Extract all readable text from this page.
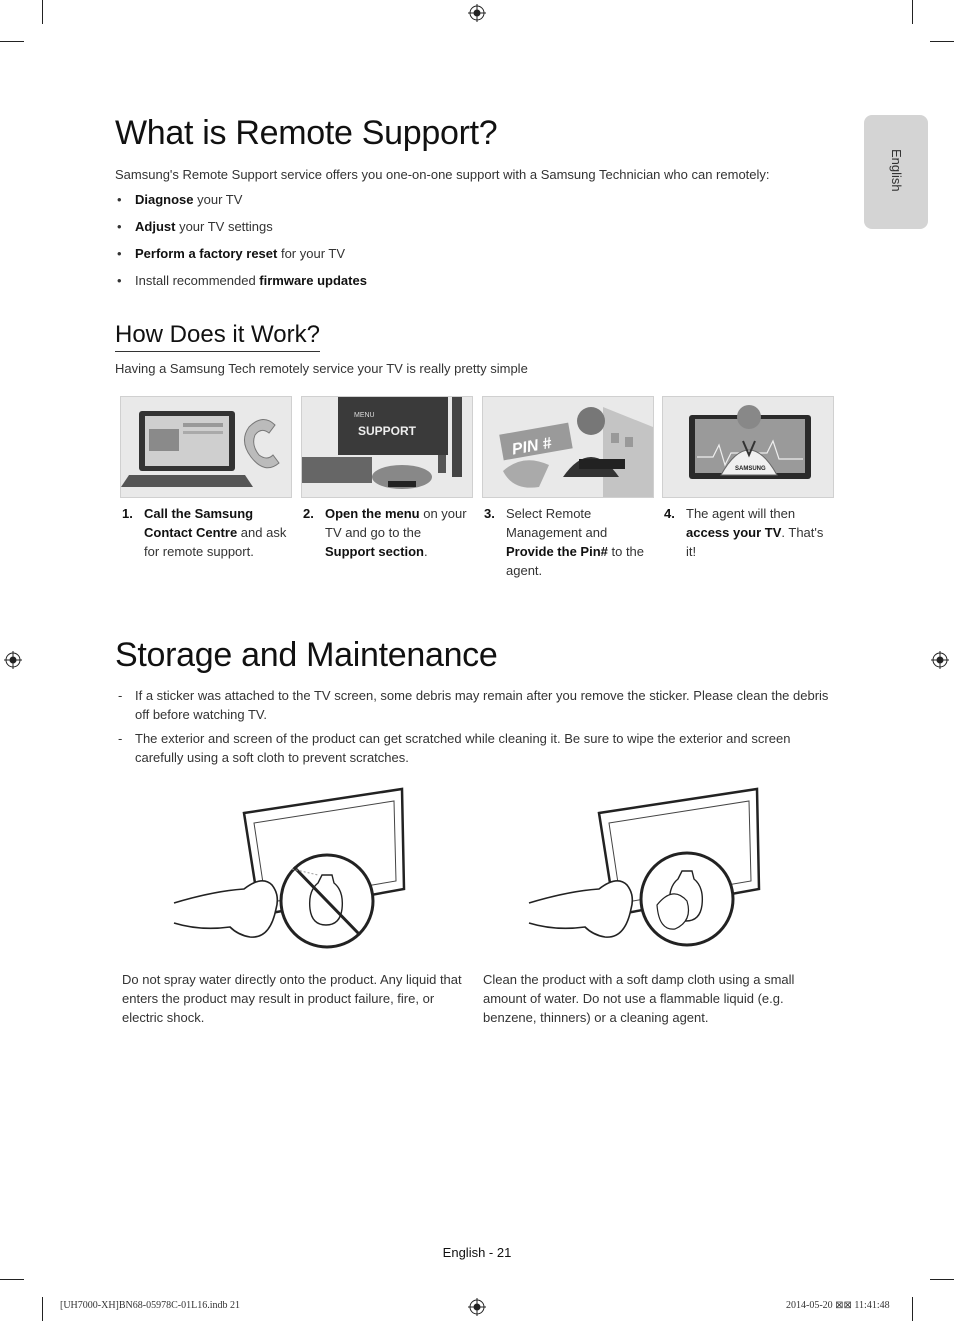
English
What is Remote Support?
Samsung's Remote Support service offers you one-on-one support with a Samsung Technician who can remotely:
• Diagnose your TV
• Adjust your TV settings
• Perform a factory reset for your TV
• Install recommended firmware updates
How Does it Work?
Having a Samsung Tech remotely service your TV is really pretty simple
MENU
SUPPORT
PIN #
SAMSUNG
1. Call the Samsung Contact Centre and ask for remote support.
2. Open the menu on your TV and go to the Support section.
3. Select Remote Management and Provide the Pin# to the agent.
4. The agent will then access your TV. That's it!
Storage and Maintenance
- If a sticker was attached to the TV screen, some debris may remain after you remove the sticker. Please clean the debris off before watching TV.
- The exterior and screen of the product can get scratched while cleaning it. Be sure to wipe the exterior and screen carefully using a soft cloth to prevent scratches.
Do not spray water directly onto the product. Any liquid that enters the product may result in product failure, fire, or electric shock.
Clean the product with a soft damp cloth using a small amount of water. Do not use a flammable liquid (e.g. benzene, thinners) or a cleaning agent.
English - 21
[UH7000-XH]BN68-05978C-01L16.indb 21	2014-05-20 ⊠⊠ 11:41:48
